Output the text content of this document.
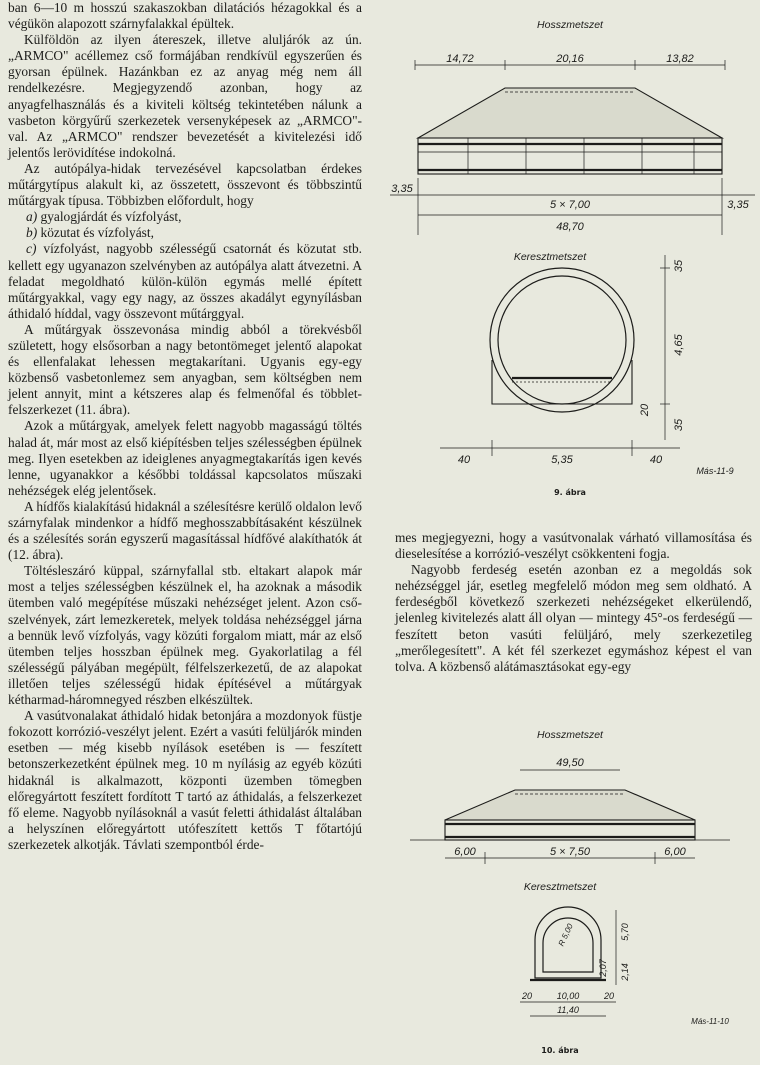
ban 6—10 m hosszú szakaszokban dilatációs hézagokkal és a végükön alapozott szárnyfalakkal épültek.

Külföldön az ilyen átereszek, illetve aluljárók az ún. „ARMCO" acéllemez cső formájában rendkívül egyszerűen és gyorsan épülnek. Hazánkban ez az anyag még nem áll rendelkezésre. Megjegyzendő azonban, hogy az anyagfelhasználás és a kiviteli költség tekintetében nálunk a vasbeton körgyűrű szerkezetek versenyképesek az „ARMCO"-val. Az „ARMCO" rendszer bevezetését a kivitelezési idő jelentős lerövidítése indokolná.

Az autópálya-hidak tervezésével kapcsolatban érdekes műtárgytípus alakult ki, az összetett, összevont és többszintű műtárgyak típusa. Többizben előfordult, hogy

a) gyalogjárdát és vízfolyást,

b) közutat és vízfolyást,

c) vízfolyást, nagyobb szélességű csatornát és közutat stb. kellett egy ugyanazon szelvényben az autópálya alatt átvezetni. A feladat megoldható külön-külön egymás mellé épített műtárgyakkal, vagy egy nagy, az összes akadályt egynyílásban áthidaló híddal, vagy összevont műtárggyal.

A műtárgyak összevonása mindig abból a törekvésből született, hogy elsősorban a nagy betontömeget jelentő alapokat és ellenfalakat lehessen megtakarítani. Ugyanis egy-egy közbenső vasbetonlemez sem anyagban, sem költségben nem jelent annyit, mint a kétszeres alap és felmenőfal és többlet-felszerkezet (11. ábra).

Azok a műtárgyak, amelyek felett nagyobb magasságú töltés halad át, már most az első kiépítésben teljes szélességben épülnek meg. Ilyen esetekben az ideiglenes anyagmegtakarítás igen kevés lenne, ugyanakkor a későbbi toldással kapcsolatos műszaki nehézségek elég jelentősek.

A hídfős kialakítású hidaknál a szélesítésre kerülő oldalon levő szárnyfalak mindenkor a hídfő meghosszabbításaként készülnek és a szélesítés során egyszerű magasítással hídfővé alakíthatók át (12. ábra).

Töltésleszáró küppal, szárnyfallal stb. eltakart alapok már most a teljes szélességben készülnek el, ha azoknak a második ütemben való megépítése műszaki nehézséget jelent. Azon cső-szelvények, zárt lemezkeretek, melyek toldása nehézséggel járna a bennük levő vízfolyás, vagy közúti forgalom miatt, már az első ütemben teljes hosszban épülnek meg. Gyakorlatilag a fél szélességű pályában megépült, félfelszerkezetű, de az alapokat illetően teljes szélességű hidak építésével a műtárgyak kétharmad-háromnegyed részben elkészültek.

A vasútvonalakat áthidaló hidak betonjára a mozdonyok füstje fokozott korrózió-veszélyt jelent. Ezért a vasúti felüljárók minden esetben — még kisebb nyílások esetében is — feszített betonszerkezetként épülnek meg. 10 m nyílásig az egyéb közúti hidaknál is alkalmazott, központi üzemben tömegben előregyártott feszített fordított T tartó az áthidalás, a felszerkezet fő eleme. Nagyobb nyílásoknál a vasút feletti áthidalást általában a helyszínen előregyártott utófeszített kettős T főtartójú szerkezetek alkotják. Távlati szempontból érde-

Hosszmetszet
14,72	20,16	13,82
3,35
5 × 7,00	3,35
48,70
Keresztmetszet
35
4,65
20
35
40	5,35	40
Más-11-9
9. ábra

mes megjegyezni, hogy a vasútvonalak várható villamosítása és dieselesítése a korrózió-veszélyt csökkenteni fogja.

Nagyobb ferdeség esetén azonban ez a megoldás sok nehézséggel jár, esetleg megfelelő módon meg sem oldható. A ferdeségből következő szerkezeti nehézségeket elkerülendő, jelenleg kivitelezés alatt áll olyan — mintegy 45°-os ferdeségű — feszített beton vasúti felüljáró, mely szerkezetileg „merőlegesített". A két fél szerkezet egymáshoz képest el van tolva. A közbenső alátámasztásokat egy-egy

Hosszmetszet
49,50
6,00	5 × 7,50	6,00
Keresztmetszet
R 5,00	5,70
2,07 2,14
20	10,00	20
11,40
Más-11-10
10. ábra
